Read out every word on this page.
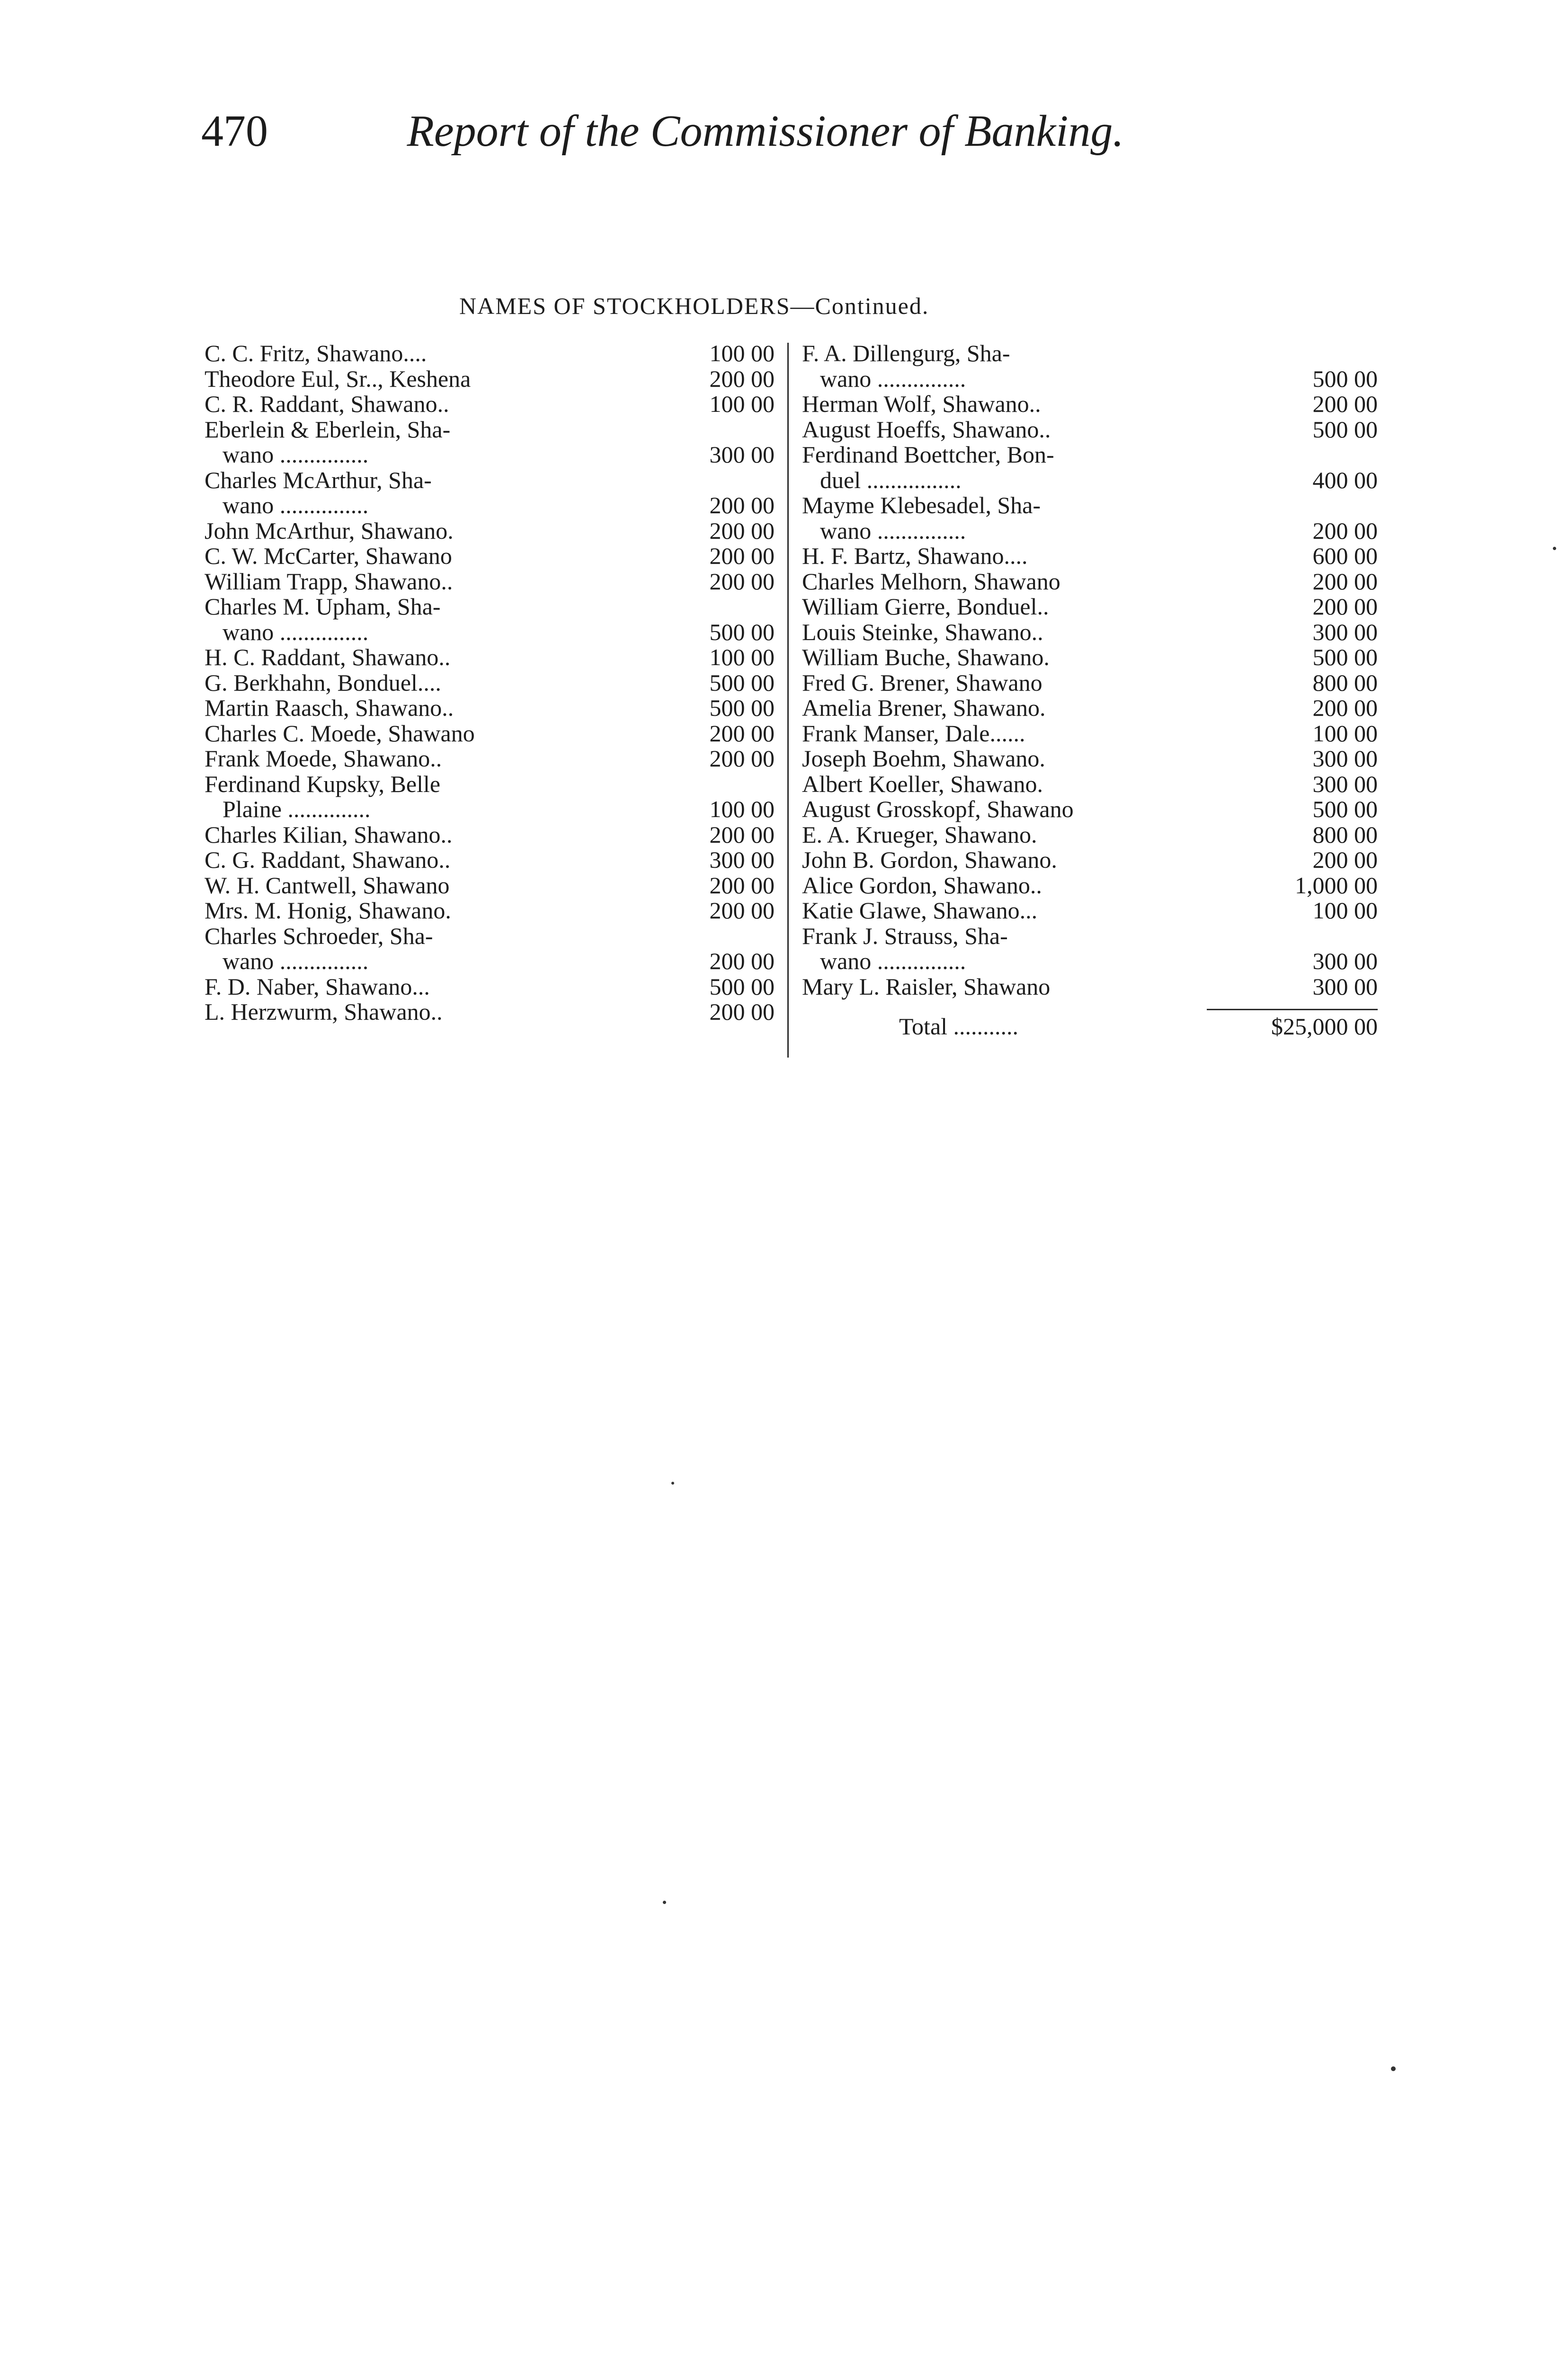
470	Report of the Commissioner of Banking.
NAMES OF STOCKHOLDERS—Continued.
C. C. Fritz, Shawano....	100 00
Theodore Eul, Sr.., Keshena	200 00
C. R. Raddant, Shawano..	100 00
Eberlein & Eberlein, Sha-
wano ...............	300 00
Charles McArthur, Sha-
wano ...............	200 00
John McArthur, Shawano.	200 00
C. W. McCarter, Shawano	200 00
William Trapp, Shawano..	200 00
Charles M. Upham, Sha-
wano ...............	500 00
H. C. Raddant, Shawano..	100 00
G. Berkhahn, Bonduel....	500 00
Martin Raasch, Shawano..	500 00
Charles C. Moede, Shawano	200 00
Frank Moede, Shawano..	200 00
Ferdinand Kupsky, Belle
Plaine ..............	100 00
Charles Kilian, Shawano..	200 00
C. G. Raddant, Shawano..	300 00
W. H. Cantwell, Shawano	200 00
Mrs. M. Honig, Shawano.	200 00
Charles Schroeder, Sha-
wano ...............	200 00
F. D. Naber, Shawano...	500 00
L. Herzwurm, Shawano..	200 00
F. A. Dillengurg, Sha-
wano ...............	500 00
Herman Wolf, Shawano..	200 00
August Hoeffs, Shawano..	500 00
Ferdinand Boettcher, Bon-
duel ................	400 00
Mayme Klebesadel, Sha-
wano ...............	200 00
H. F. Bartz, Shawano....	600 00
Charles Melhorn, Shawano	200 00
William Gierre, Bonduel..	200 00
Louis Steinke, Shawano..	300 00
William Buche, Shawano.	500 00
Fred G. Brener, Shawano	800 00
Amelia Brener, Shawano.	200 00
Frank Manser, Dale......	100 00
Joseph Boehm, Shawano.	300 00
Albert Koeller, Shawano.	300 00
August Grosskopf, Shawano	500 00
E. A. Krueger, Shawano.	800 00
John B. Gordon, Shawano.	200 00
Alice Gordon, Shawano..	1,000 00
Katie Glawe, Shawano...	100 00
Frank J. Strauss, Sha-
wano ...............	300 00
Mary L. Raisler, Shawano	300 00
Total ...........	$25,000 00
